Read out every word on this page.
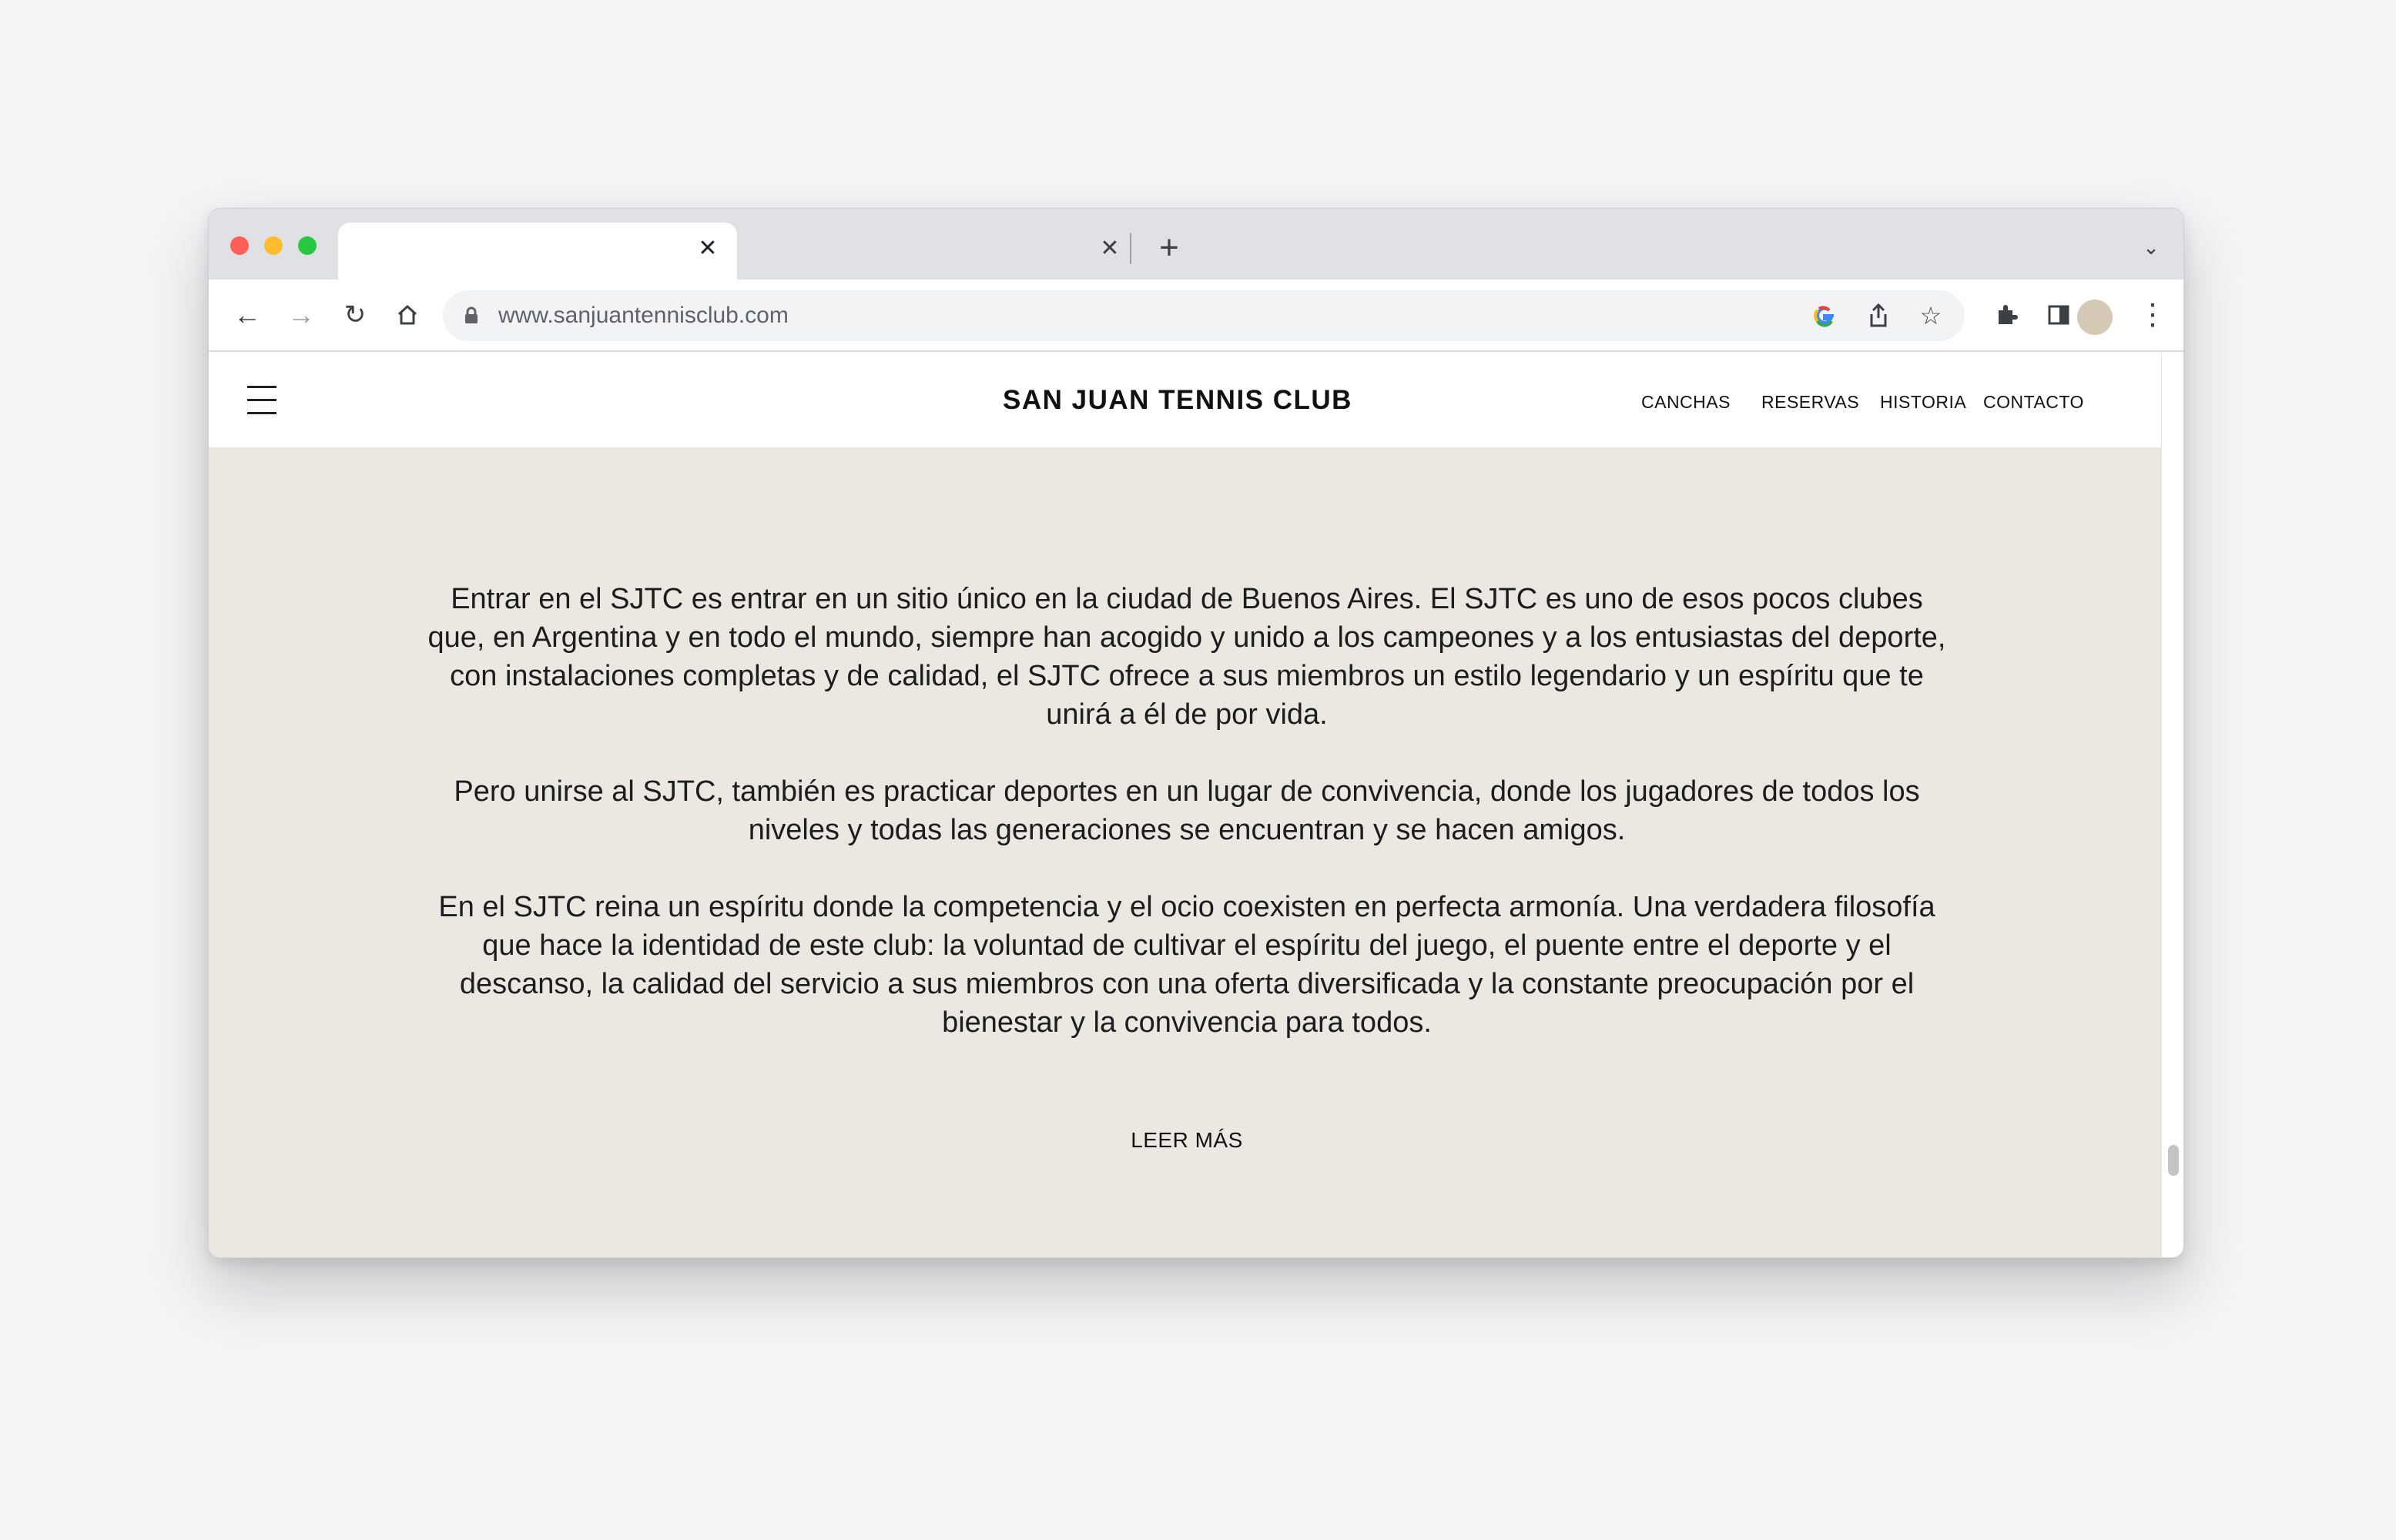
✕	✕ +	⌄
← → ↻	www.sanjuantennisclub.com	☆	⋮
SAN JUAN TENNIS CLUB	CANCHAS RESERVAS HISTORIA CONTACTO

Entrar en el SJTC es entrar en un sitio único en la ciudad de Buenos Aires. El SJTC es uno de esos pocos clubes que, en Argentina y en todo el mundo, siempre han acogido y unido a los campeones y a los entusiastas del deporte, con instalaciones completas y de calidad, el SJTC ofrece a sus miembros un estilo legendario y un espíritu que te unirá a él de por vida.

Pero unirse al SJTC, también es practicar deportes en un lugar de convivencia, donde los jugadores de todos los niveles y todas las generaciones se encuentran y se hacen amigos.

En el SJTC reina un espíritu donde la competencia y el ocio coexisten en perfecta armonía. Una verdadera filosofía que hace la identidad de este club: la voluntad de cultivar el espíritu del juego, el puente entre el deporte y el descanso, la calidad del servicio a sus miembros con una oferta diversificada y la constante preocupación por el bienestar y la convivencia para todos.

LEER MÁS
